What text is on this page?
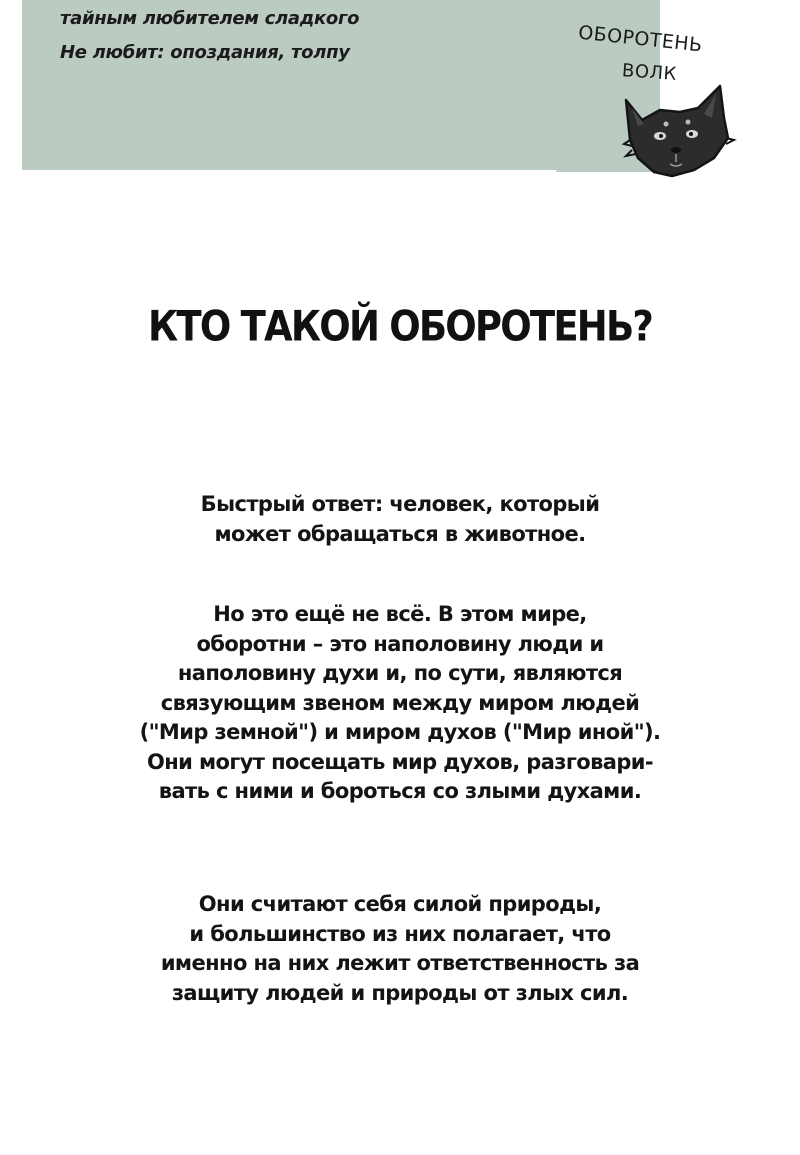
тайным любителем сладкого
Не любит: опоздания, толпу	ОБОРОТЕНЬ
ВОЛК
КТО ТАКОЙ ОБОРОТЕНЬ?

Быстрый ответ: человек, который
может обращаться в животное.

Но это ещё не всё. В этом мире,
оборотни – это наполовину люди и
наполовину духи и, по сути, являются
связующим звеном между миром людей
("Мир земной") и миром духов ("Мир иной").
Они могут посещать мир духов, разговари-
вать с ними и бороться со злыми духами.

Они считают себя силой природы,
и большинство из них полагает, что
именно на них лежит ответственность за
защиту людей и природы от злых сил.
